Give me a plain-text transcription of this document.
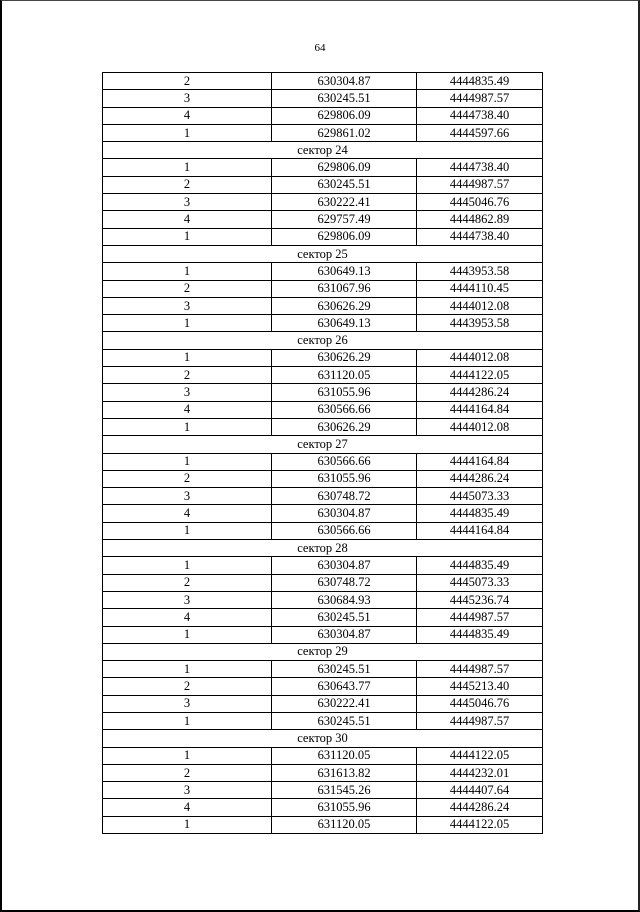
64
2	630304.87	4444835.49
3	630245.51	4444987.57
4	629806.09	4444738.40
1	629861.02	4444597.66
сектор 24		
1	629806.09	4444738.40
2	630245.51	4444987.57
3	630222.41	4445046.76
4	629757.49	4444862.89
1	629806.09	4444738.40
сектор 25		
1	630649.13	4443953.58
2	631067.96	4444110.45
3	630626.29	4444012.08
1	630649.13	4443953.58
сектор 26		
1	630626.29	4444012.08
2	631120.05	4444122.05
3	631055.96	4444286.24
4	630566.66	4444164.84
1	630626.29	4444012.08
сектор 27		
1	630566.66	4444164.84
2	631055.96	4444286.24
3	630748.72	4445073.33
4	630304.87	4444835.49
1	630566.66	4444164.84
сектор 28		
1	630304.87	4444835.49
2	630748.72	4445073.33
3	630684.93	4445236.74
4	630245.51	4444987.57
1	630304.87	4444835.49
сектор 29		
1	630245.51	4444987.57
2	630643.77	4445213.40
3	630222.41	4445046.76
1	630245.51	4444987.57
сектор 30		
1	631120.05	4444122.05
2	631613.82	4444232.01
3	631545.26	4444407.64
4	631055.96	4444286.24
1	631120.05	4444122.05
